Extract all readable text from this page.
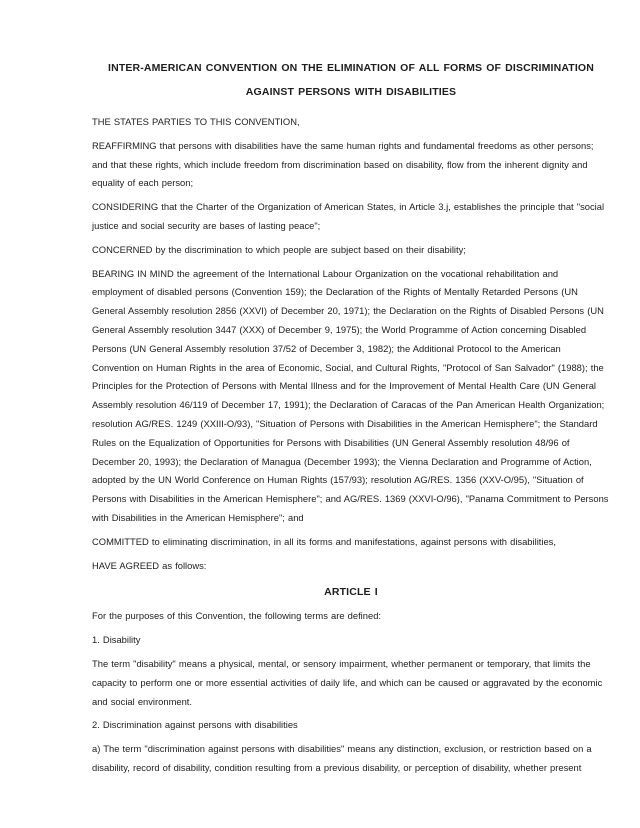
INTER-AMERICAN CONVENTION ON THE ELIMINATION OF ALL FORMS OF DISCRIMINATION AGAINST PERSONS WITH DISABILITIES

THE STATES PARTIES TO THIS CONVENTION,

REAFFIRMING that persons with disabilities have the same human rights and fundamental freedoms as other persons; and that these rights, which include freedom from discrimination based on disability, flow from the inherent dignity and equality of each person;

CONSIDERING that the Charter of the Organization of American States, in Article 3.j, establishes the principle that "social justice and social security are bases of lasting peace";

CONCERNED by the discrimination to which people are subject based on their disability;

BEARING IN MIND the agreement of the International Labour Organization on the vocational rehabilitation and employment of disabled persons (Convention 159); the Declaration of the Rights of Mentally Retarded Persons (UN General Assembly resolution 2856 (XXVI) of December 20, 1971); the Declaration on the Rights of Disabled Persons (UN General Assembly resolution 3447 (XXX) of December 9, 1975); the World Programme of Action concerning Disabled Persons (UN General Assembly resolution 37/52 of December 3, 1982); the Additional Protocol to the American Convention on Human Rights in the area of Economic, Social, and Cultural Rights, "Protocol of San Salvador" (1988); the Principles for the Protection of Persons with Mental Illness and for the Improvement of Mental Health Care (UN General Assembly resolution 46/119 of December 17, 1991); the Declaration of Caracas of the Pan American Health Organization; resolution AG/RES. 1249 (XXIII-O/93), "Situation of Persons with Disabilities in the American Hemisphere"; the Standard Rules on the Equalization of Opportunities for Persons with Disabilities (UN General Assembly resolution 48/96 of December 20, 1993); the Declaration of Managua (December 1993); the Vienna Declaration and Programme of Action, adopted by the UN World Conference on Human Rights (157/93); resolution AG/RES. 1356 (XXV-O/95), "Situation of Persons with Disabilities in the American Hemisphere"; and AG/RES. 1369 (XXVI-O/96), "Panama Commitment to Persons with Disabilities in the American Hemisphere"; and

COMMITTED to eliminating discrimination, in all its forms and manifestations, against persons with disabilities,

HAVE AGREED as follows:

ARTICLE I

For the purposes of this Convention, the following terms are defined:

1. Disability

The term "disability" means a physical, mental, or sensory impairment, whether permanent or temporary, that limits the capacity to perform one or more essential activities of daily life, and which can be caused or aggravated by the economic and social environment.

2. Discrimination against persons with disabilities

a) The term "discrimination against persons with disabilities" means any distinction, exclusion, or restriction based on a disability, record of disability, condition resulting from a previous disability, or perception of disability, whether present
